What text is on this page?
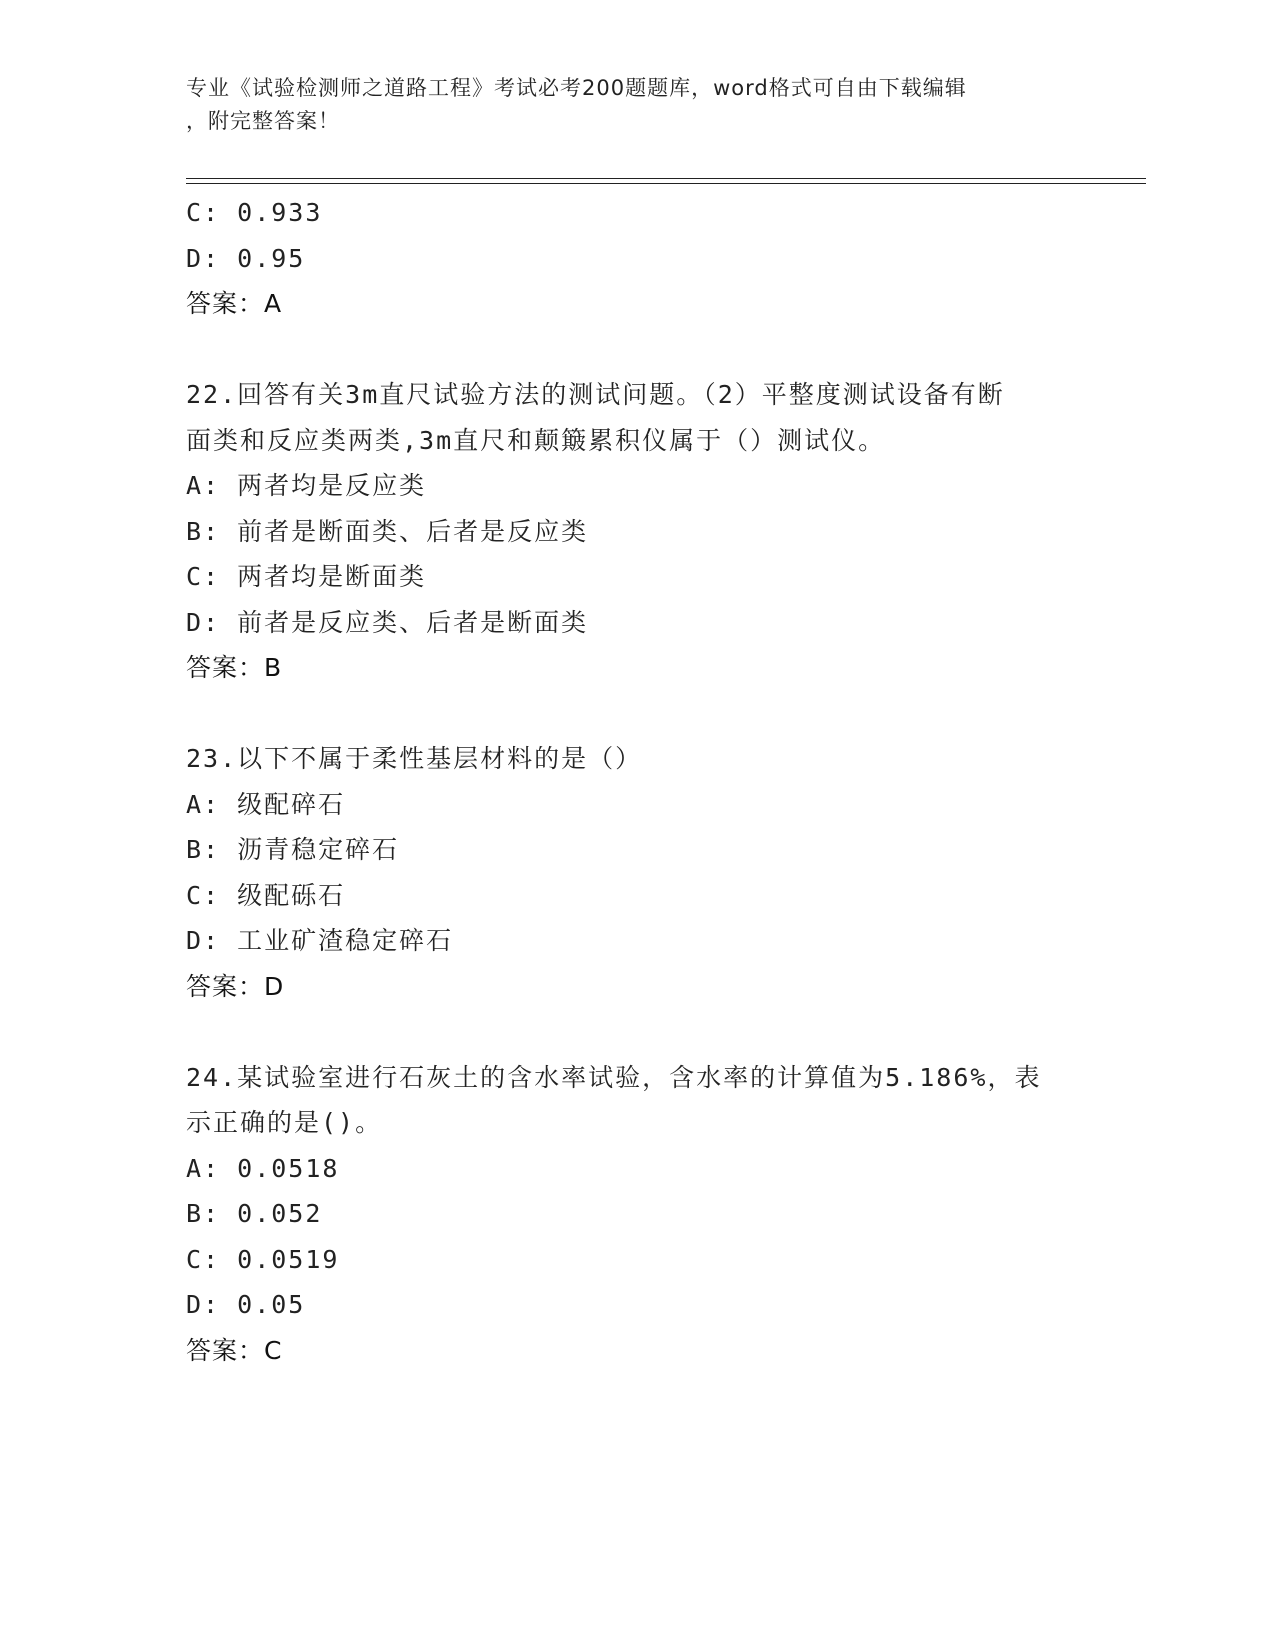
专业《试验检测师之道路工程》考试必考200题题库，word格式可自由下载编辑
，附完整答案！
C: 0.933
D: 0.95
答案：A
22.回答有关3m直尺试验方法的测试问题。（2）平整度测试设备有断
面类和反应类两类,3m直尺和颠簸累积仪属于（）测试仪。
A: 两者均是反应类
B: 前者是断面类、后者是反应类
C: 两者均是断面类
D: 前者是反应类、后者是断面类
答案：B
23.以下不属于柔性基层材料的是（）
A: 级配碎石
B: 沥青稳定碎石
C: 级配砾石
D: 工业矿渣稳定碎石
答案：D
24.某试验室进行石灰土的含水率试验，含水率的计算值为5.186%，表
示正确的是()。
A: 0.0518
B: 0.052
C: 0.0519
D: 0.05
答案：C
